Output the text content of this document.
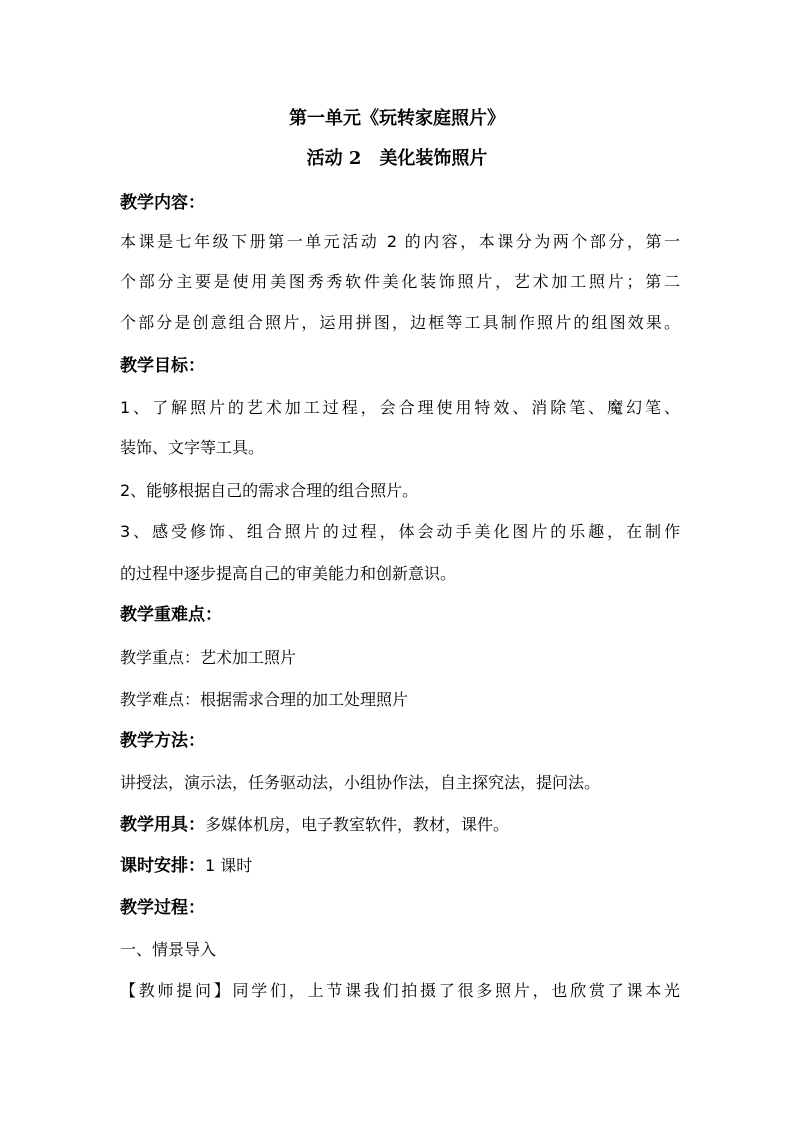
第一单元《玩转家庭照片》
活动 2　美化装饰照片
教学内容：
本课是七年级下册第一单元活动 2 的内容，本课分为两个部分，第一
个部分主要是使用美图秀秀软件美化装饰照片，艺术加工照片；第二
个部分是创意组合照片，运用拼图，边框等工具制作照片的组图效果。
教学目标：
1、了解照片的艺术加工过程，会合理使用特效、消除笔、魔幻笔、
装饰、文字等工具。
2、能够根据自己的需求合理的组合照片。
3、感受修饰、组合照片的过程，体会动手美化图片的乐趣，在制作
的过程中逐步提高自己的审美能力和创新意识。
教学重难点：
教学重点：艺术加工照片
教学难点：根据需求合理的加工处理照片
教学方法：
讲授法，演示法，任务驱动法，小组协作法，自主探究法，提问法。
教学用具：多媒体机房，电子教室软件，教材，课件。
课时安排：1 课时
教学过程：
一、情景导入
【教师提问】同学们，上节课我们拍摄了很多照片，也欣赏了课本光
